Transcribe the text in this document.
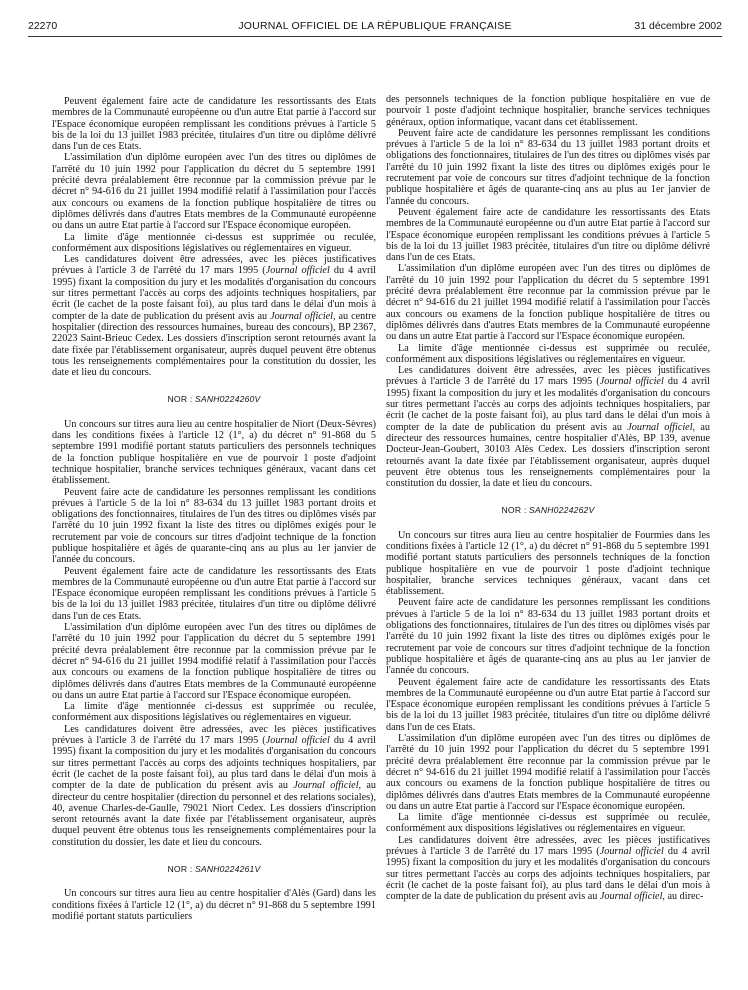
22270	JOURNAL OFFICIEL DE LA RÉPUBLIQUE FRANÇAISE	31 décembre 2002

Peuvent également faire acte de candidature les ressortissants des Etats membres de la Communauté européenne ou d'un autre Etat partie à l'accord sur l'Espace économique européen remplissant les conditions prévues à l'article 5 bis de la loi du 13 juillet 1983 précitée, titulaires d'un titre ou diplôme délivré dans l'un de ces Etats.

L'assimilation d'un diplôme européen avec l'un des titres ou diplômes de l'arrêté du 10 juin 1992 pour l'application du décret du 5 septembre 1991 précité devra préalablement être reconnue par la commission prévue par le décret n° 94-616 du 21 juillet 1994 modifié relatif à l'assimilation pour l'accès aux concours ou examens de la fonction publique hospitalière de titres ou diplômes délivrés dans d'autres Etats membres de la Communauté européenne ou dans un autre Etat partie à l'accord sur l'Espace économique européen.

La limite d'âge mentionnée ci-dessus est supprimée ou reculée, conformément aux dispositions législatives ou réglementaires en vigueur.

Les candidatures doivent être adressées, avec les pièces justificatives prévues à l'article 3 de l'arrêté du 17 mars 1995 (Journal officiel du 4 avril 1995) fixant la composition du jury et les modalités d'organisation du concours sur titres permettant l'accès au corps des adjoints techniques hospitaliers, par écrit (le cachet de la poste faisant foi), au plus tard dans le délai d'un mois à compter de la date de publication du présent avis au Journal officiel, au centre hospitalier (direction des ressources humaines, bureau des concours), BP 2367, 22023 Saint-Brieuc Cedex. Les dossiers d'inscription seront retournés avant la date fixée par l'établissement organisateur, auprès duquel peuvent être obtenus tous les renseignements complémentaires pour la constitution du dossier, les date et lieu du concours.

NOR : SANH0224260V

Un concours sur titres aura lieu au centre hospitalier de Niort (Deux-Sèvres) dans les conditions fixées à l'article 12 (1°, a) du décret n° 91-868 du 5 septembre 1991 modifié portant statuts particuliers des personnels techniques de la fonction publique hospitalière en vue de pourvoir 1 poste d'adjoint technique hospitalier, branche services techniques généraux, vacant dans cet établissement.

Peuvent faire acte de candidature les personnes remplissant les conditions prévues à l'article 5 de la loi n° 83-634 du 13 juillet 1983 portant droits et obligations des fonctionnaires, titulaires de l'un des titres ou diplômes visés par l'arrêté du 10 juin 1992 fixant la liste des titres ou diplômes exigés pour le recrutement par voie de concours sur titres d'adjoint technique de la fonction publique hospitalière et âgés de quarante-cinq ans au plus au 1er janvier de l'année du concours.

Peuvent également faire acte de candidature les ressortissants des Etats membres de la Communauté européenne ou d'un autre Etat partie à l'accord sur l'Espace économique européen remplissant les conditions prévues à l'article 5 bis de la loi du 13 juillet 1983 précitée, titulaires d'un titre ou diplôme délivré dans l'un de ces Etats.

L'assimilation d'un diplôme européen avec l'un des titres ou diplômes de l'arrêté du 10 juin 1992 pour l'application du décret du 5 septembre 1991 précité devra préalablement être reconnue par la commission prévue par le décret n° 94-616 du 21 juillet 1994 modifié relatif à l'assimilation pour l'accès aux concours ou examens de la fonction publique hospitalière de titres ou diplômes délivrés dans d'autres Etats membres de la Communauté européenne ou dans un autre Etat partie à l'accord sur l'Espace économique européen.

La limite d'âge mentionnée ci-dessus est supprimée ou reculée, conformément aux dispositions législatives ou réglementaires en vigueur.

Les candidatures doivent être adressées, avec les pièces justificatives prévues à l'article 3 de l'arrêté du 17 mars 1995 (Journal officiel du 4 avril 1995) fixant la composition du jury et les modalités d'organisation du concours sur titres permettant l'accès au corps des adjoints techniques hospitaliers, par écrit (le cachet de la poste faisant foi), au plus tard dans le délai d'un mois à compter de la date de publication du présent avis au Journal officiel, au directeur du centre hospitalier (direction du personnel et des relations sociales), 40, avenue Charles-de-Gaulle, 79021 Niort Cedex. Les dossiers d'inscription seront retournés avant la date fixée par l'établissement organisateur, auprès duquel peuvent être obtenus tous les renseignements complémentaires pour la constitution du dossier, les date et lieu du concours.

NOR : SANH0224261V

Un concours sur titres aura lieu au centre hospitalier d'Alès (Gard) dans les conditions fixées à l'article 12 (1°, a) du décret n° 91-868 du 5 septembre 1991 modifié portant statuts particuliers

des personnels techniques de la fonction publique hospitalière en vue de pourvoir 1 poste d'adjoint technique hospitalier, branche services techniques généraux, option informatique, vacant dans cet établissement.

Peuvent faire acte de candidature les personnes remplissant les conditions prévues à l'article 5 de la loi n° 83-634 du 13 juillet 1983 portant droits et obligations des fonctionnaires, titulaires de l'un des titres ou diplômes visés par l'arrêté du 10 juin 1992 fixant la liste des titres ou diplômes exigés pour le recrutement par voie de concours sur titres d'adjoint technique de la fonction publique hospitalière et âgés de quarante-cinq ans au plus au 1er janvier de l'année du concours.

Peuvent également faire acte de candidature les ressortissants des Etats membres de la Communauté européenne ou d'un autre Etat partie à l'accord sur l'Espace économique européen remplissant les conditions prévues à l'article 5 bis de la loi du 13 juillet 1983 précitée, titulaires d'un titre ou diplôme délivré dans l'un de ces Etats.

L'assimilation d'un diplôme européen avec l'un des titres ou diplômes de l'arrêté du 10 juin 1992 pour l'application du décret du 5 septembre 1991 précité devra préalablement être reconnue par la commission prévue par le décret n° 94-616 du 21 juillet 1994 modifié relatif à l'assimilation pour l'accès aux concours ou examens de la fonction publique hospitalière de titres ou diplômes délivrés dans d'autres Etats membres de la Communauté européenne ou dans un autre Etat partie à l'accord sur l'Espace économique européen.

La limite d'âge mentionnée ci-dessus est supprimée ou reculée, conformément aux dispositions législatives ou réglementaires en vigueur.

Les candidatures doivent être adressées, avec les pièces justificatives prévues à l'article 3 de l'arrêté du 17 mars 1995 (Journal officiel du 4 avril 1995) fixant la composition du jury et les modalités d'organisation du concours sur titres permettant l'accès au corps des adjoints techniques hospitaliers, par écrit (le cachet de la poste faisant foi), au plus tard dans le délai d'un mois à compter de la date de publication du présent avis au Journal officiel, au directeur des ressources humaines, centre hospitalier d'Alès, BP 139, avenue Docteur-Jean-Goubert, 30103 Alès Cedex. Les dossiers d'inscription seront retournés avant la date fixée par l'établissement organisateur, auprès duquel peuvent être obtenus tous les renseignements complémentaires pour la constitution du dossier, la date et lieu du concours.

NOR : SANH0224262V

Un concours sur titres aura lieu au centre hospitalier de Fourmies dans les conditions fixées à l'article 12 (1°, a) du décret n° 91-868 du 5 septembre 1991 modifié portant statuts particuliers des personnels techniques de la fonction publique hospitalière en vue de pourvoir 1 poste d'adjoint technique hospitalier, branche services techniques généraux, vacant dans cet établissement.

Peuvent faire acte de candidature les personnes remplissant les conditions prévues à l'article 5 de la loi n° 83-634 du 13 juillet 1983 portant droits et obligations des fonctionnaires, titulaires de l'un des titres ou diplômes visés par l'arrêté du 10 juin 1992 fixant la liste des titres ou diplômes exigés pour le recrutement par voie de concours sur titres d'adjoint technique de la fonction publique hospitalière et âgés de quarante-cinq ans au plus au 1er janvier de l'année du concours.

Peuvent également faire acte de candidature les ressortissants des Etats membres de la Communauté européenne ou d'un autre Etat partie à l'accord sur l'Espace économique européen remplissant les conditions prévues à l'article 5 bis de la loi du 13 juillet 1983 précitée, titulaires d'un titre ou diplôme délivré dans l'un de ces Etats.

L'assimilation d'un diplôme européen avec l'un des titres ou diplômes de l'arrêté du 10 juin 1992 pour l'application du décret du 5 septembre 1991 précité devra préalablement être reconnue par la commission prévue par le décret n° 94-616 du 21 juillet 1994 modifié relatif à l'assimilation pour l'accès aux concours ou examens de la fonction publique hospitalière de titres ou diplômes délivrés dans d'autres Etats membres de la Communauté européenne ou dans un autre Etat partie à l'accord sur l'Espace économique européen.

La limite d'âge mentionnée ci-dessus est supprimée ou reculée, conformément aux dispositions législatives ou réglementaires en vigueur.

Les candidatures doivent être adressées, avec les pièces justificatives prévues à l'article 3 de l'arrêté du 17 mars 1995 (Journal officiel du 4 avril 1995) fixant la composition du jury et les modalités d'organisation du concours sur titres permettant l'accès au corps des adjoints techniques hospitaliers, par écrit (le cachet de la poste faisant foi), au plus tard dans le délai d'un mois à compter de la date de publication du présent avis au Journal officiel, au direc-
